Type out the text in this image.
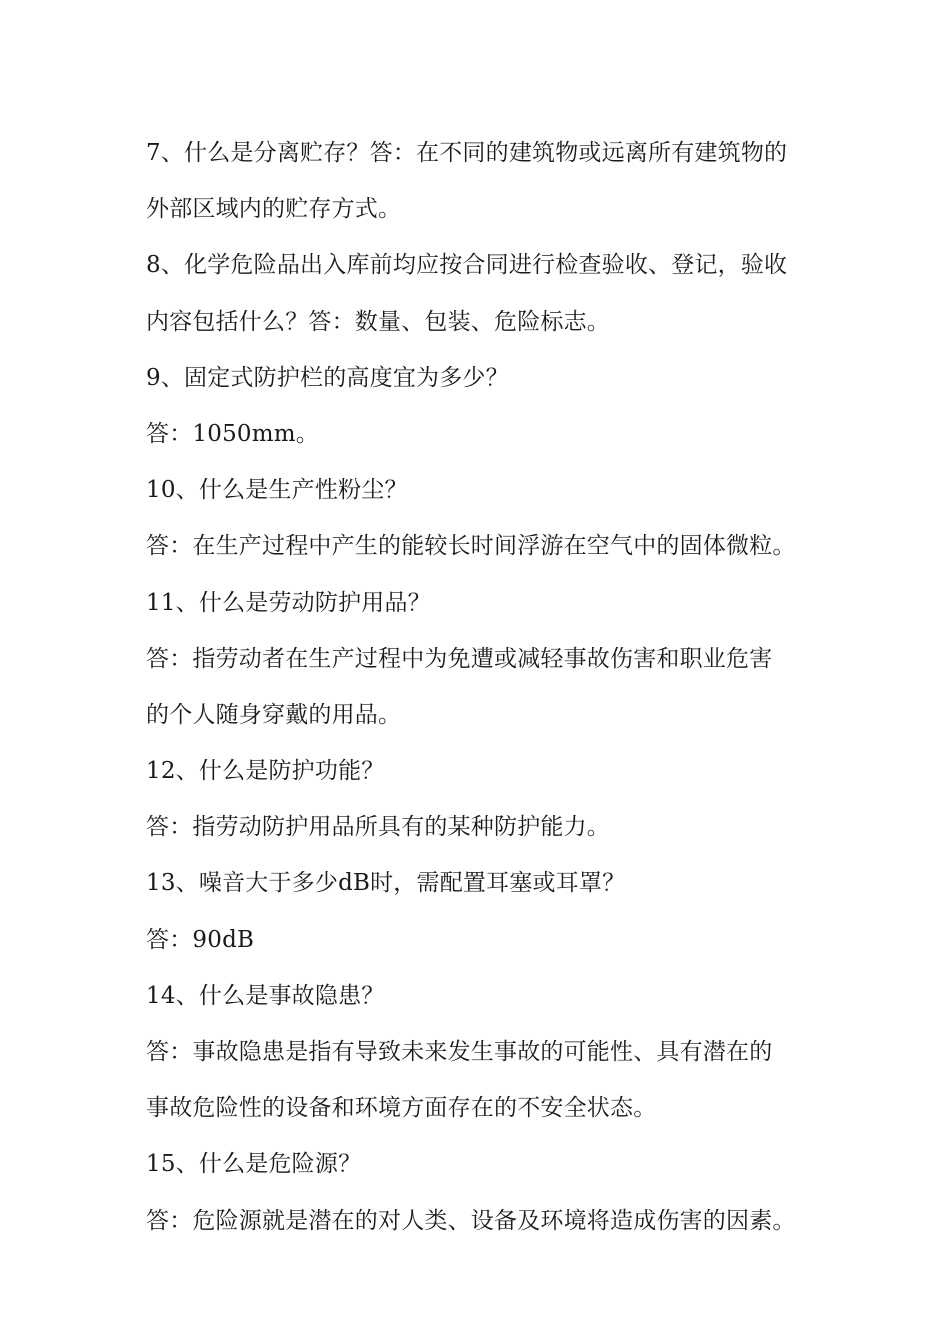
7、什么是分离贮存？答：在不同的建筑物或远离所有建筑物的
外部区域内的贮存方式。
8、化学危险品出入库前均应按合同进行检查验收、登记，验收
内容包括什么？答：数量、包装、危险标志。
9、固定式防护栏的高度宜为多少？
答：1050mm。
10、什么是生产性粉尘？
答：在生产过程中产生的能较长时间浮游在空气中的固体微粒。
11、什么是劳动防护用品？
答：指劳动者在生产过程中为免遭或减轻事故伤害和职业危害
的个人随身穿戴的用品。
12、什么是防护功能？
答：指劳动防护用品所具有的某种防护能力。
13、噪音大于多少dB时，需配置耳塞或耳罩？
答：90dB
14、什么是事故隐患？
答：事故隐患是指有导致未来发生事故的可能性、具有潜在的
事故危险性的设备和环境方面存在的不安全状态。
15、什么是危险源？
答：危险源就是潜在的对人类、设备及环境将造成伤害的因素。
